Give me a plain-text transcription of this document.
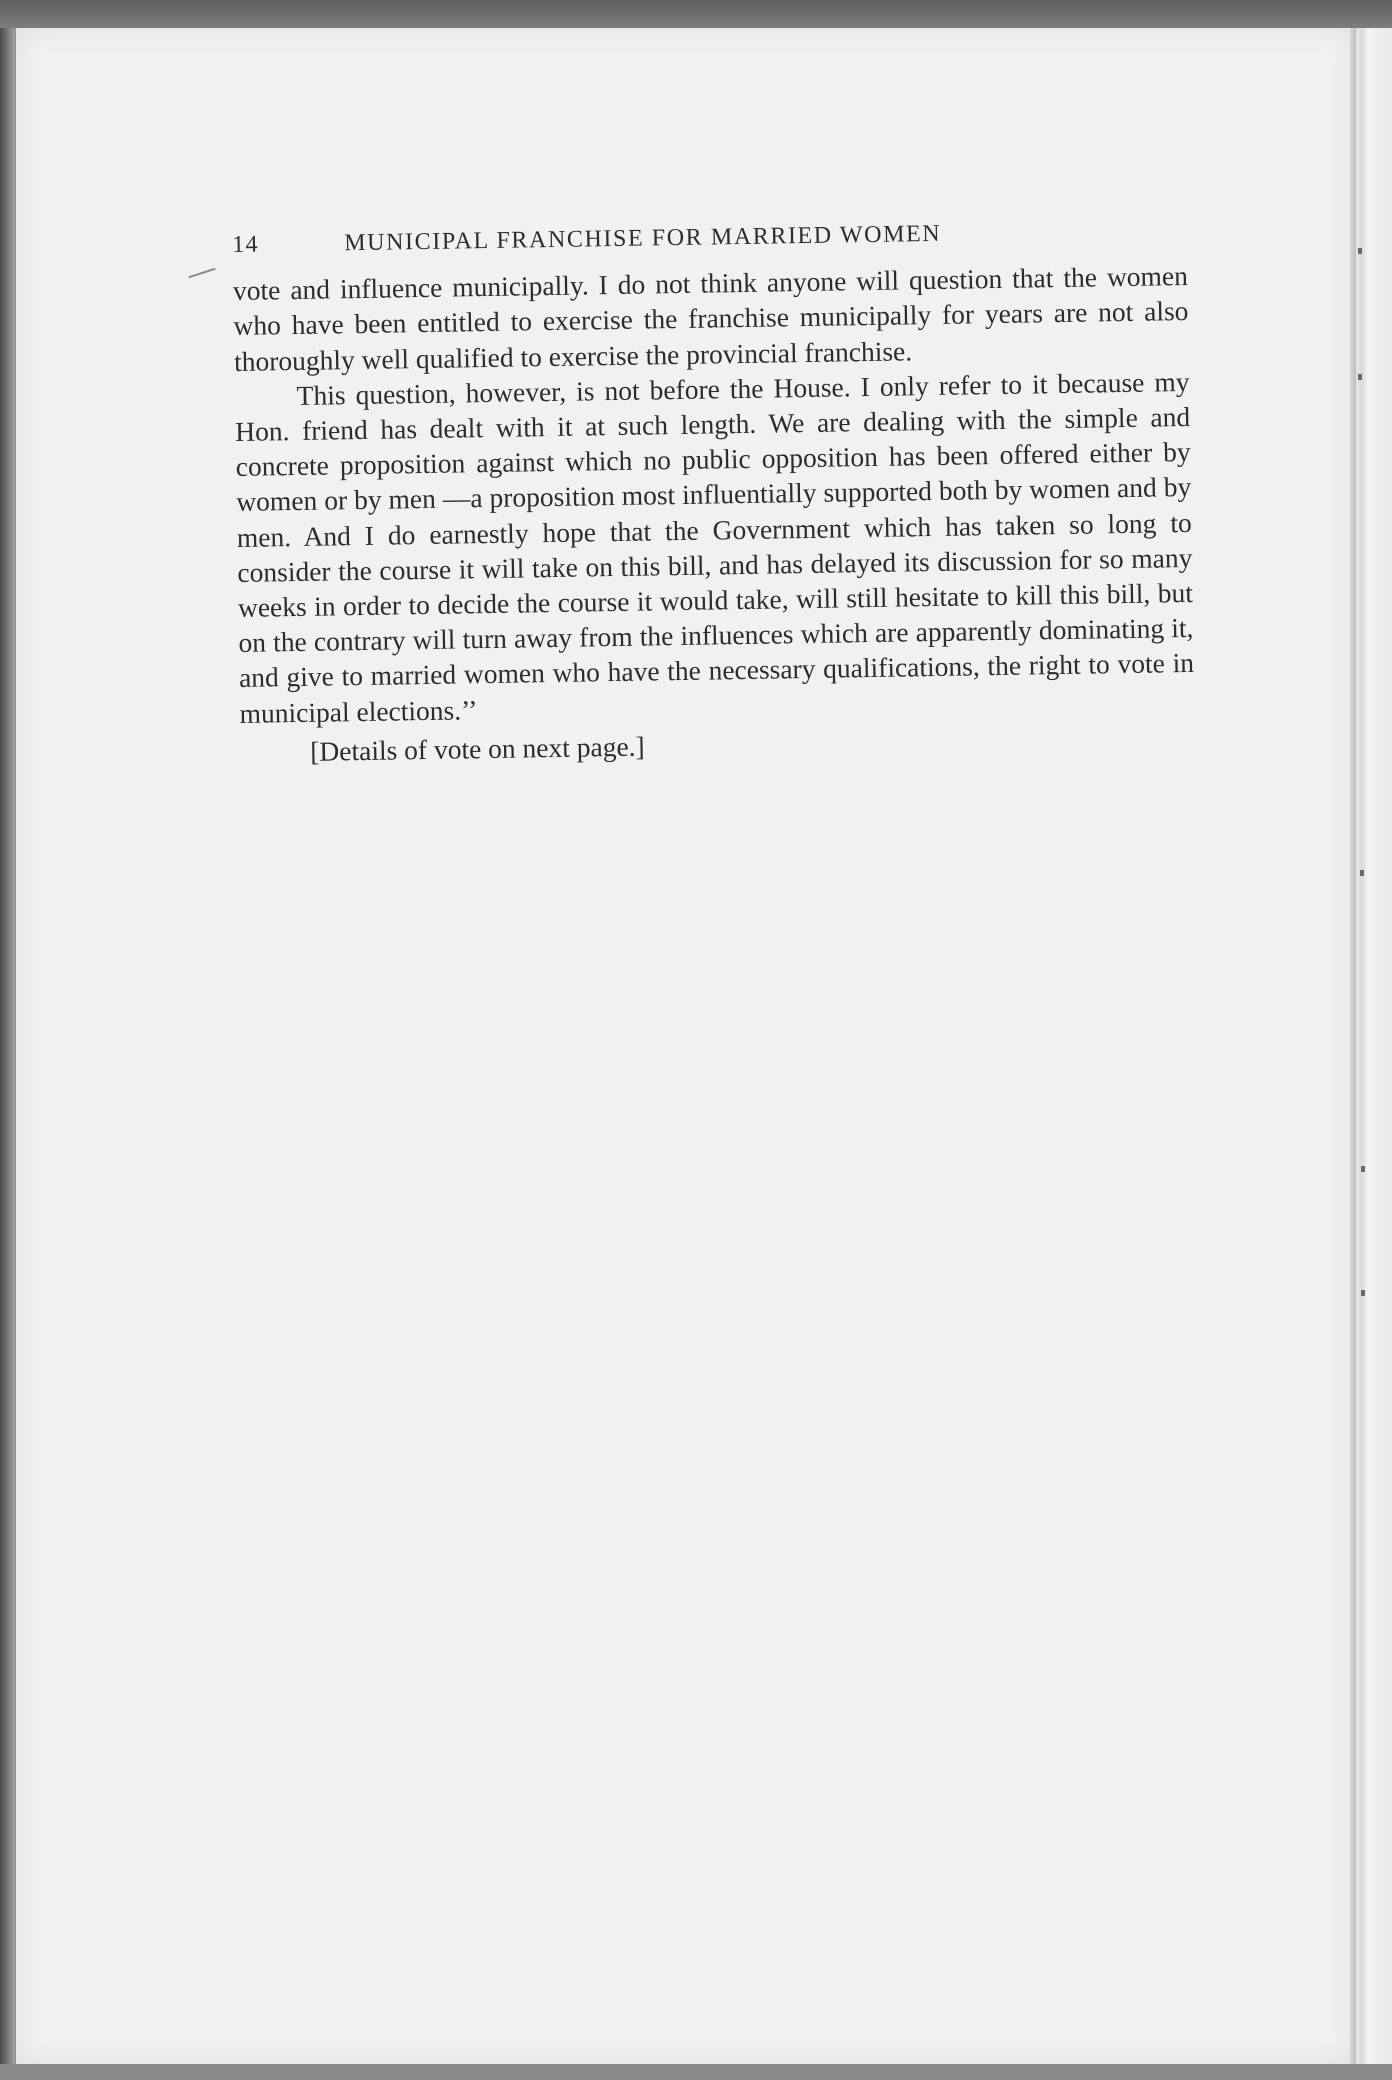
14	MUNICIPAL FRANCHISE FOR MARRIED WOMEN

vote and influence municipally. I do not think anyone will question that the women who have been entitled to exercise the franchise municipally for years are not also thoroughly well qualified to exercise the provincial franchise.

This question, however, is not before the House. I only refer to it because my Hon. friend has dealt with it at such length. We are dealing with the simple and concrete proposition against which no public opposition has been offered either by women or by men —a proposition most influentially supported both by women and by men. And I do earnestly hope that the Government which has taken so long to consider the course it will take on this bill, and has delayed its discussion for so many weeks in order to decide the course it would take, will still hesitate to kill this bill, but on the contrary will turn away from the influences which are apparently dominating it, and give to married women who have the necessary qualifications, the right to vote in municipal elections.’’

[Details of vote on next page.]
